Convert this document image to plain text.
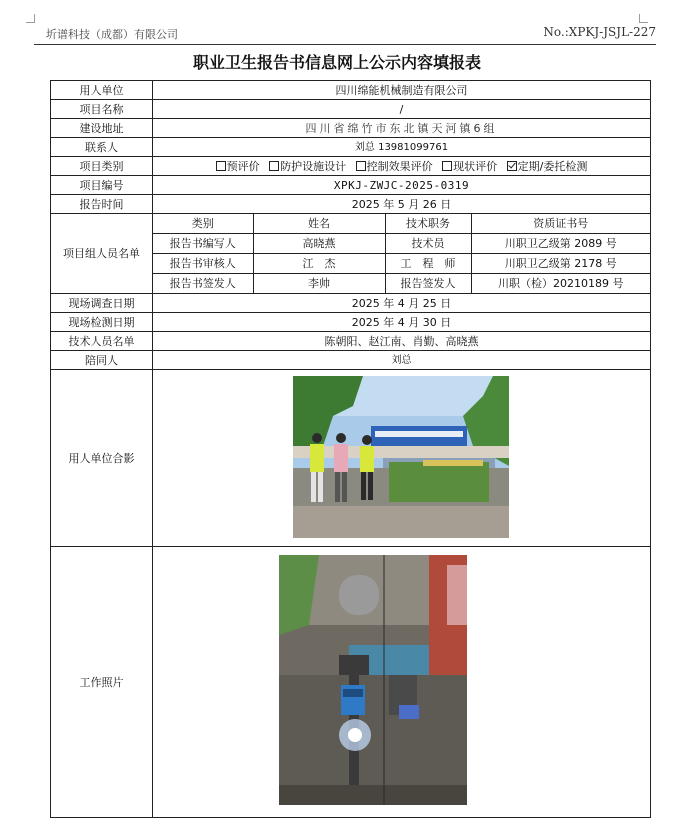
圻谱科技（成都）有限公司	No.:XPKJ-JSJL-227
职业卫生报告书信息网上公示内容填报表
用人单位	四川绵能机械制造有限公司
项目名称	/
建设地址	四川省绵竹市东北镇天河镇6组
联系人	刘总 13981099761
项目类别	预评价 防护设施设计 控制效果评价 现状评价 定期/委托检测
项目编号	XPKJ-ZWJC-2025-0319
报告时间	2025 年 5 月 26 日
项目组人员名单	
类别	姓名	技术职务	资质证书号
报告书编写人	高晓燕	技术员	川职卫乙级第 2089 号
报告书审核人	江　杰	工　程　师	川职卫乙级第 2178 号
报告书签发人	李帅	报告签发人	川职（检）20210189 号

现场调查日期	2025 年 4 月 25 日
现场检测日期	2025 年 4 月 30 日
技术人员名单	陈朝阳、赵江南、肖勤、高晓燕
陪同人	刘总
用人单位合影	

工作照片	
